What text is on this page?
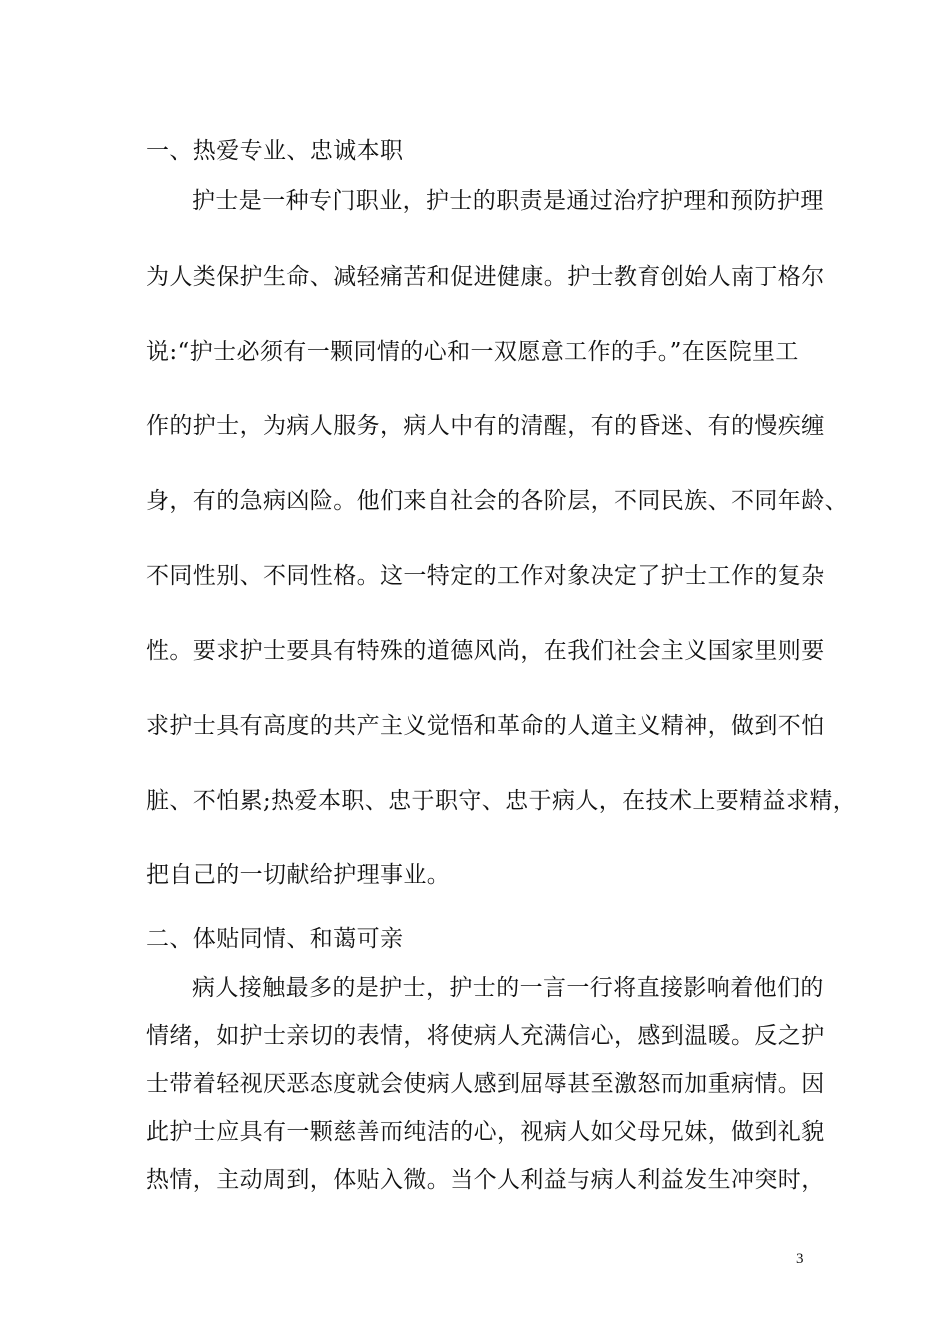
一、热爱专业、忠诚本职
护士是一种专门职业，护士的职责是通过治疗护理和预防护理
为人类保护生命、减轻痛苦和促进健康。护士教育创始人南丁格尔
说:“护士必须有一颗同情的心和一双愿意工作的手。”在医院里工
作的护士，为病人服务，病人中有的清醒，有的昏迷、有的慢疾缠
身，有的急病凶险。他们来自社会的各阶层，不同民族、不同年龄、
不同性别、不同性格。这一特定的工作对象决定了护士工作的复杂
性。要求护士要具有特殊的道德风尚，在我们社会主义国家里则要
求护士具有高度的共产主义觉悟和革命的人道主义精神，做到不怕
脏、不怕累;热爱本职、忠于职守、忠于病人，在技术上要精益求精，
把自己的一切献给护理事业。
二、体贴同情、和蔼可亲
病人接触最多的是护士，护士的一言一行将直接影响着他们的
情绪，如护士亲切的表情，将使病人充满信心，感到温暖。反之护
士带着轻视厌恶态度就会使病人感到屈辱甚至激怒而加重病情。因
此护士应具有一颗慈善而纯洁的心，视病人如父母兄妹，做到礼貌
热情，主动周到，体贴入微。当个人利益与病人利益发生冲突时，
3
